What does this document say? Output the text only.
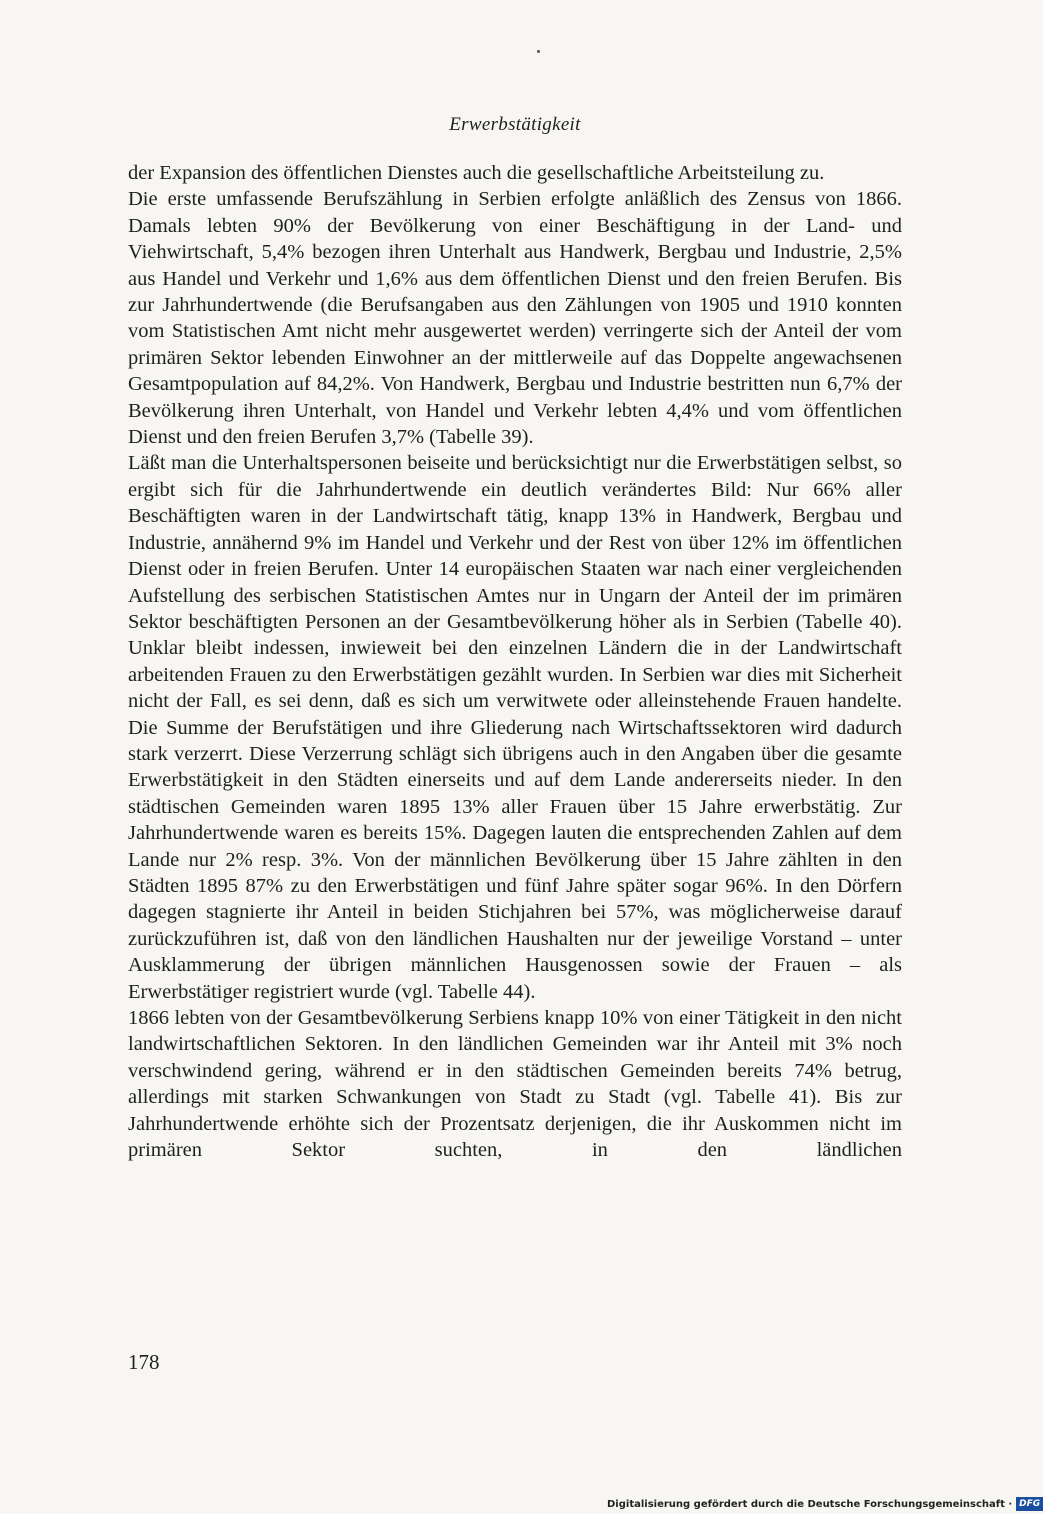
Erwerbstätigkeit

der Expansion des öffentlichen Dienstes auch die gesellschaftliche Arbeitsteilung zu.

Die erste umfassende Berufszählung in Serbien erfolgte anläßlich des Zensus von 1866. Damals lebten 90% der Bevölkerung von einer Beschäftigung in der Land- und Viehwirtschaft, 5,4% bezogen ihren Unterhalt aus Handwerk, Bergbau und Industrie, 2,5% aus Handel und Verkehr und 1,6% aus dem öffentlichen Dienst und den freien Berufen. Bis zur Jahrhundertwende (die Berufsangaben aus den Zählungen von 1905 und 1910 konnten vom Statistischen Amt nicht mehr ausgewertet werden) verringerte sich der Anteil der vom primären Sektor lebenden Einwohner an der mittlerweile auf das Doppelte angewachsenen Gesamtpopulation auf 84,2%. Von Handwerk, Bergbau und Industrie bestritten nun 6,7% der Bevölkerung ihren Unterhalt, von Handel und Verkehr lebten 4,4% und vom öffentlichen Dienst und den freien Berufen 3,7% (Tabelle 39).

Läßt man die Unterhaltspersonen beiseite und berücksichtigt nur die Erwerbstätigen selbst, so ergibt sich für die Jahrhundertwende ein deutlich verändertes Bild: Nur 66% aller Beschäftigten waren in der Landwirtschaft tätig, knapp 13% in Handwerk, Bergbau und Industrie, annähernd 9% im Handel und Verkehr und der Rest von über 12% im öffentlichen Dienst oder in freien Berufen. Unter 14 europäischen Staaten war nach einer vergleichenden Aufstellung des serbischen Statistischen Amtes nur in Ungarn der Anteil der im primären Sektor beschäftigten Personen an der Gesamtbevölkerung höher als in Serbien (Tabelle 40). Unklar bleibt indessen, inwieweit bei den einzelnen Ländern die in der Landwirtschaft arbeitenden Frauen zu den Erwerbstätigen gezählt wurden. In Serbien war dies mit Sicherheit nicht der Fall, es sei denn, daß es sich um verwitwete oder alleinstehende Frauen handelte. Die Summe der Berufstätigen und ihre Gliederung nach Wirtschaftssektoren wird dadurch stark verzerrt. Diese Verzerrung schlägt sich übrigens auch in den Angaben über die gesamte Erwerbstätigkeit in den Städten einerseits und auf dem Lande andererseits nieder. In den städtischen Gemeinden waren 1895 13% aller Frauen über 15 Jahre erwerbstätig. Zur Jahrhundertwende waren es bereits 15%. Dagegen lauten die entsprechenden Zahlen auf dem Lande nur 2% resp. 3%. Von der männlichen Bevölkerung über 15 Jahre zählten in den Städten 1895 87% zu den Erwerbstätigen und fünf Jahre später sogar 96%. In den Dörfern dagegen stagnierte ihr Anteil in beiden Stichjahren bei 57%, was möglicherweise darauf zurückzuführen ist, daß von den ländlichen Haushalten nur der jeweilige Vorstand – unter Ausklammerung der übrigen männlichen Hausgenossen sowie der Frauen – als Erwerbstätiger registriert wurde (vgl. Tabelle 44).

1866 lebten von der Gesamtbevölkerung Serbiens knapp 10% von einer Tätigkeit in den nicht landwirtschaftlichen Sektoren. In den ländlichen Gemeinden war ihr Anteil mit 3% noch verschwindend gering, während er in den städtischen Gemeinden bereits 74% betrug, allerdings mit starken Schwankungen von Stadt zu Stadt (vgl. Tabelle 41). Bis zur Jahrhundertwende erhöhte sich der Prozentsatz derjenigen, die ihr Auskommen nicht im primären Sektor suchten, in den ländlichen

178
Digitalisierung gefördert durch die Deutsche Forschungsgemeinschaft · DFG
